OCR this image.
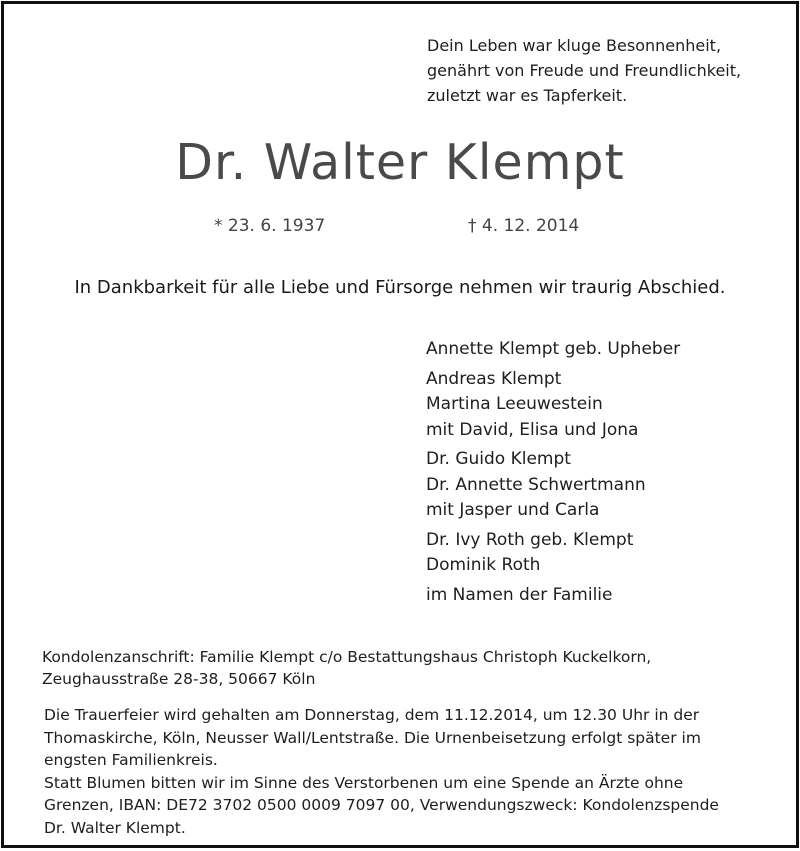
Dein Leben war kluge Besonnenheit,
genährt von Freude und Freundlichkeit,
zuletzt war es Tapferkeit.
Dr. Walter Klempt
* 23. 6. 1937	† 4. 12. 2014
In Dankbarkeit für alle Liebe und Fürsorge nehmen wir traurig Abschied.
Annette Klempt geb. Upheber
Andreas Klempt
Martina Leeuwestein
mit David, Elisa und Jona
Dr. Guido Klempt
Dr. Annette Schwertmann
mit Jasper und Carla
Dr. Ivy Roth geb. Klempt
Dominik Roth
im Namen der Familie
Kondolenzanschrift: Familie Klempt c/o Bestattungshaus Christoph Kuckelkorn,
Zeughausstraße 28-38, 50667 Köln
Die Trauerfeier wird gehalten am Donnerstag, dem 11.12.2014, um 12.30 Uhr in der
Thomaskirche, Köln, Neusser Wall/Lentstraße. Die Urnenbeisetzung erfolgt später im
engsten Familienkreis.
Statt Blumen bitten wir im Sinne des Verstorbenen um eine Spende an Ärzte ohne
Grenzen, IBAN: DE72 3702 0500 0009 7097 00, Verwendungszweck: Kondolenzspende
Dr. Walter Klempt.
